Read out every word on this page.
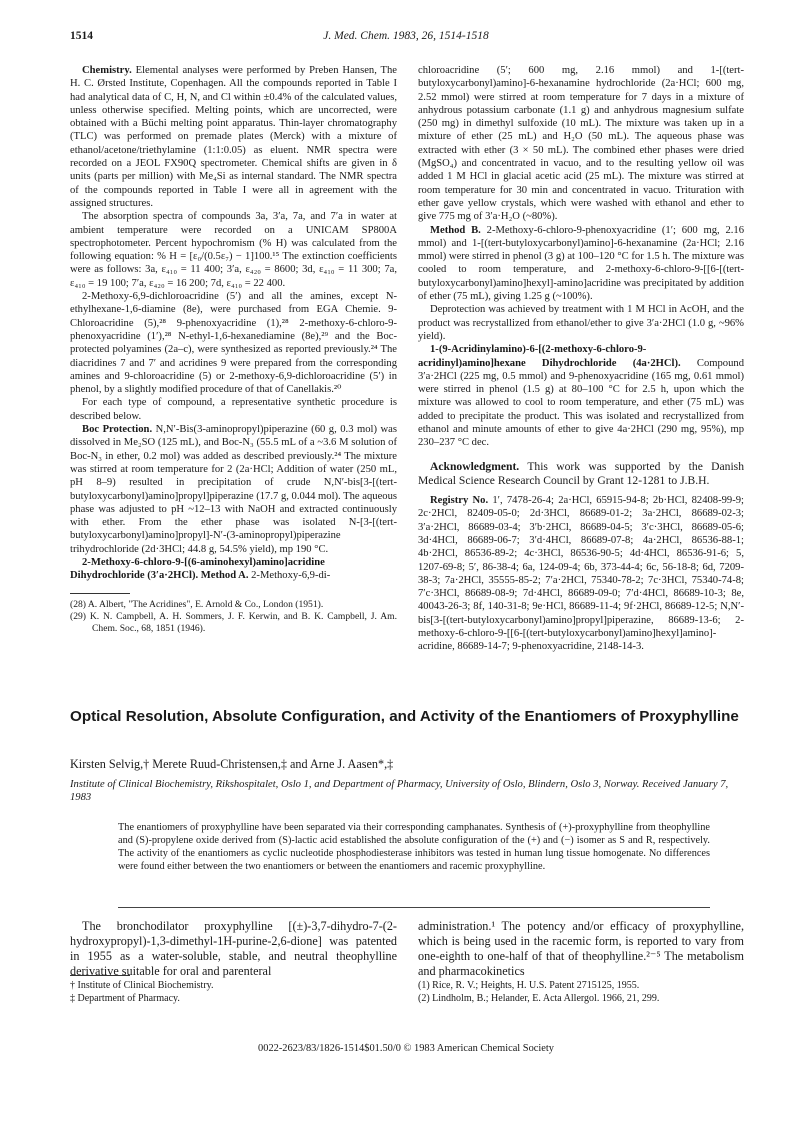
1514	J. Med. Chem. 1983, 26, 1514-1518

Chemistry. Elemental analyses were performed by Preben Hansen, The H. C. Ørsted Institute, Copenhagen. All the compounds reported in Table I had analytical data of C, H, N, and Cl within ±0.4% of the calculated values, unless otherwise specified. Melting points, which are uncorrected, were obtained with a Büchi melting point apparatus. Thin-layer chromatography (TLC) was performed on premade plates (Merck) with a mixture of ethanol/acetone/triethylamine (1:1:0.05) as eluent. NMR spectra were recorded on a JEOL FX90Q spectrometer. Chemical shifts are given in δ units (parts per million) with Me₄Si as internal standard. The NMR spectra of the compounds reported in Table I were all in agreement with the assigned structures.

The absorption spectra of compounds 3a, 3′a, 7a, and 7′a in water at ambient temperature were recorded on a UNICAM SP800A spectrophotometer. Percent hypochromism (% H) was calculated from the following equation: % H = [ε₀/(0.5ε₇) − 1]100.¹⁵ The extinction coefficients were as follows: 3a, ε₄₁₀ = 11 400; 3′a, ε₄₂₀ = 8600; 3d, ε₄₁₀ = 11 300; 7a, ε₄₁₀ = 19 100; 7′a, ε₄₂₀ = 16 200; 7d, ε₄₁₀ = 22 400.

2-Methoxy-6,9-dichloroacridine (5′) and all the amines, except N-ethylhexane-1,6-diamine (8e), were purchased from EGA Chemie. 9-Chloroacridine (5),²⁸ 9-phenoxyacridine (1),²⁸ 2-methoxy-6-chloro-9-phenoxyacridine (1′),²⁸ N-ethyl-1,6-hexanediamine (8e),²⁹ and the Boc-protected polyamines (2a–c), were synthesized as reported previously.²⁴ The diacridines 7 and 7′ and acridines 9 were prepared from the corresponding amines and 9-chloroacridine (5) or 2-methoxy-6,9-dichloroacridine (5′) in phenol, by a slightly modified procedure of that of Canellakis.²⁰

For each type of compound, a representative synthetic procedure is described below.

Boc Protection. N,N′-Bis(3-aminopropyl)piperazine (60 g, 0.3 mol) was dissolved in Me₂SO (125 mL), and Boc-N₃ (55.5 mL of a ~3.6 M solution of Boc-N₃ in ether, 0.2 mol) was added as described previously.²⁴ The mixture was stirred at room temperature for 2 (2a·HCl; Addition of water (250 mL, pH 8–9) resulted in precipitation of crude N,N′-bis[3-[(tert-butyloxycarbonyl)amino]propyl]piperazine (17.7 g, 0.044 mol). The aqueous phase was adjusted to pH ~12–13 with NaOH and extracted continuously with ether. From the ether phase was isolated N-[3-[(tert-butyloxycarbonyl)amino]propyl]-N′-(3-aminopropyl)piperazine trihydrochloride (2d·3HCl; 44.8 g, 54.5% yield), mp 190 °C.

2-Methoxy-6-chloro-9-[(6-aminohexyl)amino]acridine Dihydrochloride (3′a·2HCl). Method A. 2-Methoxy-6,9-di-

(28) A. Albert, "The Acridines", E. Arnold & Co., London (1951).
(29) K. N. Campbell, A. H. Sommers, J. F. Kerwin, and B. K. Campbell, J. Am. Chem. Soc., 68, 1851 (1946).

chloroacridine (5′; 600 mg, 2.16 mmol) and 1-[(tert-butyloxycarbonyl)amino]-6-hexanamine hydrochloride (2a·HCl; 600 mg, 2.52 mmol) were stirred at room temperature for 7 days in a mixture of anhydrous potassium carbonate (1.1 g) and anhydrous magnesium sulfate (250 mg) in dimethyl sulfoxide (10 mL). The mixture was taken up in a mixture of ether (25 mL) and H₂O (50 mL). The aqueous phase was extracted with ether (3 × 50 mL). The combined ether phases were dried (MgSO₄) and concentrated in vacuo, and to the resulting yellow oil was added 1 M HCl in glacial acetic acid (25 mL). The mixture was stirred at room temperature for 30 min and concentrated in vacuo. Trituration with ether gave yellow crystals, which were washed with ethanol and ether to give 775 mg of 3′a·H₂O (~80%).

Method B. 2-Methoxy-6-chloro-9-phenoxyacridine (1′; 600 mg, 2.16 mmol) and 1-[(tert-butyloxycarbonyl)amino]-6-hexanamine (2a·HCl; 2.16 mmol) were stirred in phenol (3 g) at 100–120 °C for 1.5 h. The mixture was cooled to room temperature, and 2-methoxy-6-chloro-9-[[6-[(tert-butyloxycarbonyl)amino]hexyl]-amino]acridine was precipitated by addition of ether (75 mL), giving 1.25 g (~100%).

Deprotection was achieved by treatment with 1 M HCl in AcOH, and the product was recrystallized from ethanol/ether to give 3′a·2HCl (1.0 g, ~96% yield).

1-(9-Acridinylamino)-6-[(2-methoxy-6-chloro-9-acridinyl)amino]hexane Dihydrochloride (4a·2HCl). Compound 3′a·2HCl (225 mg, 0.5 mmol) and 9-phenoxyacridine (165 mg, 0.61 mmol) were stirred in phenol (1.5 g) at 80–100 °C for 2.5 h, upon which the mixture was allowed to cool to room temperature, and ether (75 mL) was added to precipitate the product. This was isolated and recrystallized from ethanol and minute amounts of ether to give 4a·2HCl (290 mg, 95%), mp 230–237 °C dec.

Acknowledgment. This work was supported by the Danish Medical Science Research Council by Grant 12-1281 to J.B.H.

Registry No. 1′, 7478-26-4; 2a·HCl, 65915-94-8; 2b·HCl, 82408-99-9; 2c·2HCl, 82409-05-0; 2d·3HCl, 86689-01-2; 3a·2HCl, 86689-02-3; 3′a·2HCl, 86689-03-4; 3′b·2HCl, 86689-04-5; 3′c·3HCl, 86689-05-6; 3d·4HCl, 86689-06-7; 3′d·4HCl, 86689-07-8; 4a·2HCl, 86536-88-1; 4b·2HCl, 86536-89-2; 4c·3HCl, 86536-90-5; 4d·4HCl, 86536-91-6; 5, 1207-69-8; 5′, 86-38-4; 6a, 124-09-4; 6b, 373-44-4; 6c, 56-18-8; 6d, 7209-38-3; 7a·2HCl, 35555-85-2; 7′a·2HCl, 75340-78-2; 7c·3HCl, 75340-74-8; 7′c·3HCl, 86689-08-9; 7d·4HCl, 86689-09-0; 7′d·4HCl, 86689-10-3; 8e, 40043-26-3; 8f, 140-31-8; 9e·HCl, 86689-11-4; 9f·2HCl, 86689-12-5; N,N′-bis[3-[(tert-butyloxycarbonyl)amino]propyl]piperazine, 86689-13-6; 2-methoxy-6-chloro-9-[[6-[(tert-butyloxycarbonyl)amino]hexyl]amino]-acridine, 86689-14-7; 9-phenoxyacridine, 2148-14-3.

Optical Resolution, Absolute Configuration, and Activity of the Enantiomers of Proxyphylline
Kirsten Selvig,† Merete Ruud-Christensen,‡ and Arne J. Aasen*,‡
Institute of Clinical Biochemistry, Rikshospitalet, Oslo 1, and Department of Pharmacy, University of Oslo, Blindern, Oslo 3, Norway. Received January 7, 1983
The enantiomers of proxyphylline have been separated via their corresponding camphanates. Synthesis of (+)-proxyphylline from theophylline and (S)-propylene oxide derived from (S)-lactic acid established the absolute configuration of the (+) and (−) isomer as S and R, respectively. The activity of the enantiomers as cyclic nucleotide phosphodiesterase inhibitors was tested in human lung tissue homogenate. No differences were found either between the two enantiomers or between the enantiomers and racemic proxyphylline.

The bronchodilator proxyphylline [(±)-3,7-dihydro-7-(2-hydroxypropyl)-1,3-dimethyl-1H-purine-2,6-dione] was patented in 1955 as a water-soluble, stable, and neutral theophylline derivative suitable for oral and parenteral

administration.¹ The potency and/or efficacy of proxyphylline, which is being used in the racemic form, is reported to vary from one-eighth to one-half of that of theophylline.²⁻⁵ The metabolism and pharmacokinetics

† Institute of Clinical Biochemistry.
‡ Department of Pharmacy.
(1) Rice, R. V.; Heights, H. U.S. Patent 2715125, 1955.
(2) Lindholm, B.; Helander, E. Acta Allergol. 1966, 21, 299.
0022-2623/83/1826-1514$01.50/0 © 1983 American Chemical Society
